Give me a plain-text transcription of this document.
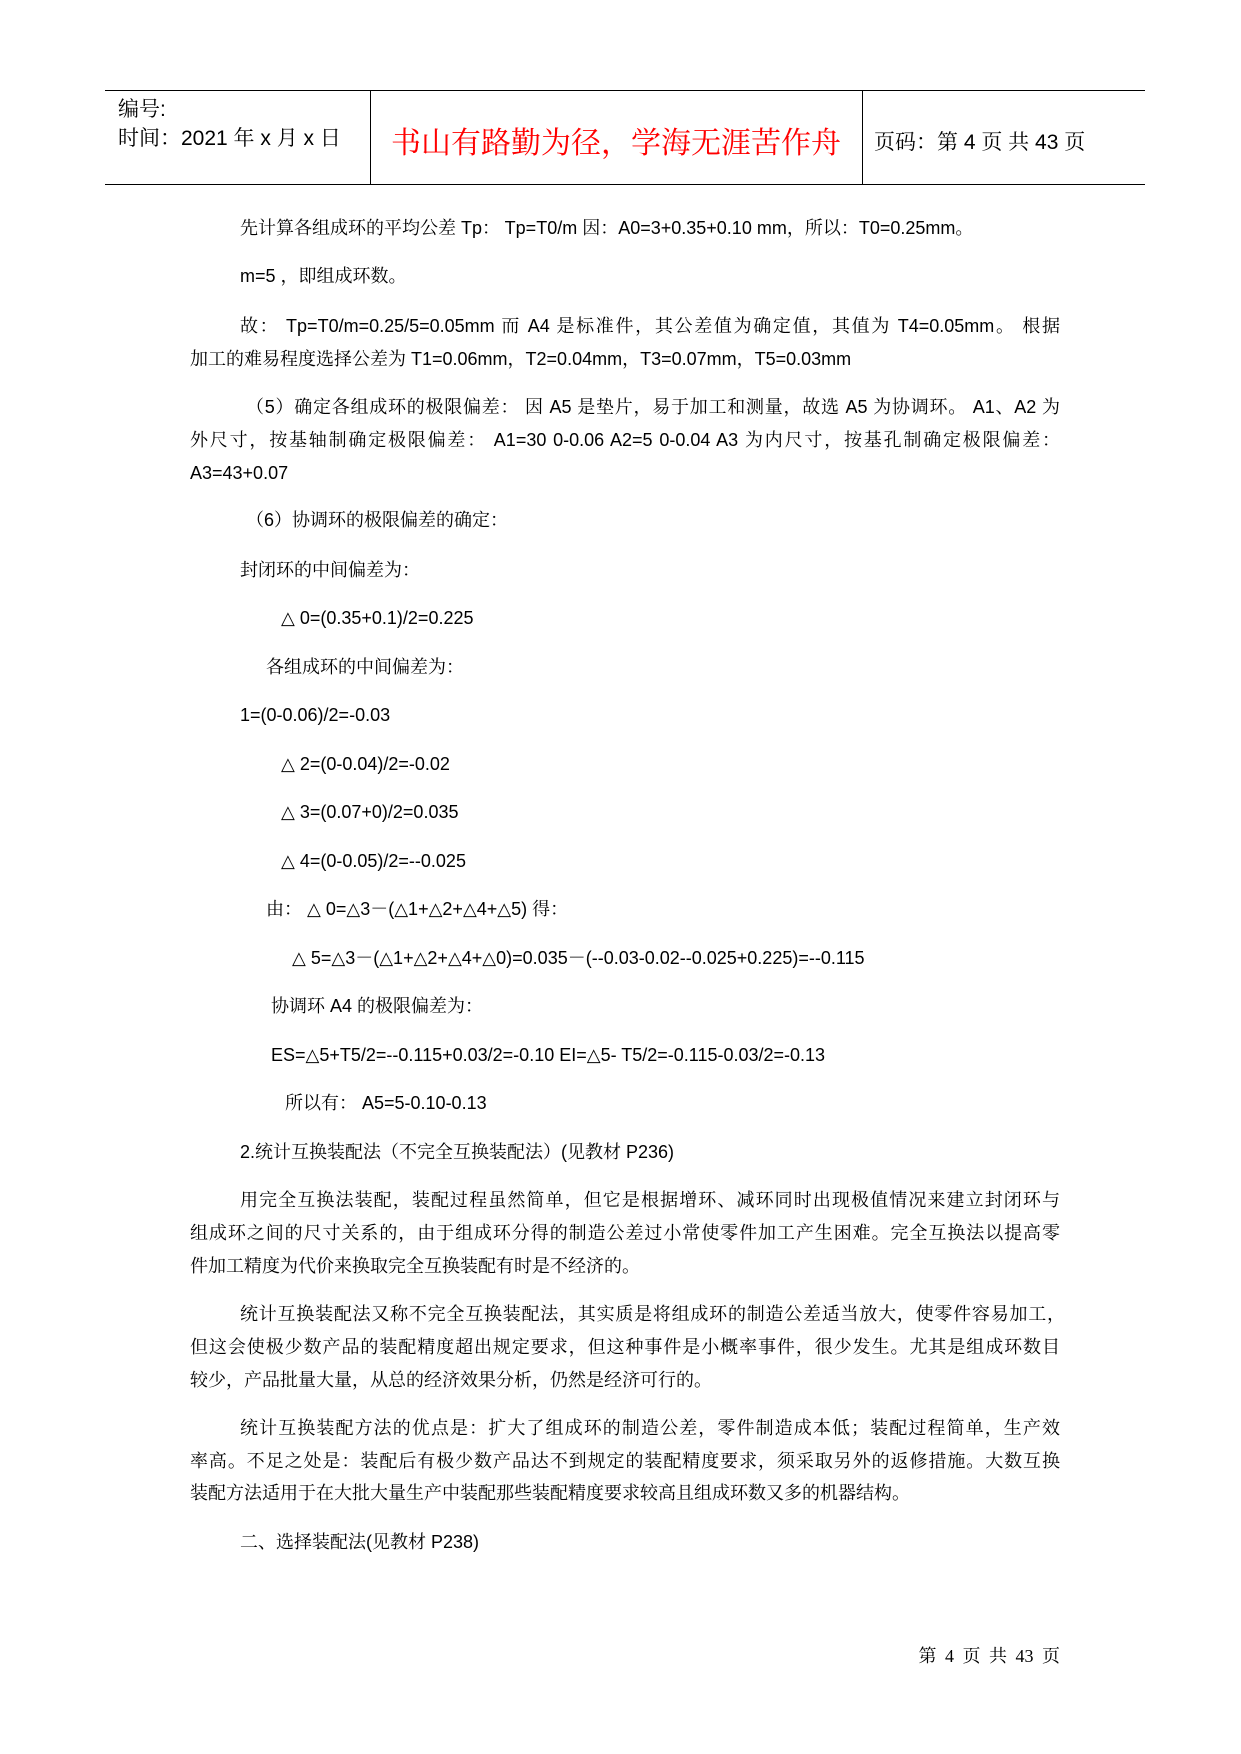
编号:
时间：2021 年 x 月 x 日	书山有路勤为径，学海无涯苦作舟	页码：第 4 页 共 43 页
先计算各组成环的平均公差 Tp： Tp=T0/m 因：A0=3+0.35+0.10 mm，所以：T0=0.25mm。
m=5 ，即组成环数。
故： Tp=T0/m=0.25/5=0.05mm 而 A4 是标准件，其公差值为确定值，其值为 T4=0.05mm。 根据
加工的难易程度选择公差为 T1=0.06mm，T2=0.04mm，T3=0.07mm，T5=0.03mm
（5）确定各组成环的极限偏差： 因 A5 是垫片，易于加工和测量，故选 A5 为协调环。 A1、A2 为
外尺寸，按基轴制确定极限偏差： A1=30 0-0.06 A2=5 0-0.04 A3 为内尺寸，按基孔制确定极限偏差：
A3=43+0.07
（6）协调环的极限偏差的确定：
封闭环的中间偏差为：
△ 0=(0.35+0.1)/2=0.225
各组成环的中间偏差为：
1=(0-0.06)/2=-0.03
△ 2=(0-0.04)/2=-0.02
△ 3=(0.07+0)/2=0.035
△ 4=(0-0.05)/2=--0.025
由： △ 0=△3－(△1+△2+△4+△5) 得：
△ 5=△3－(△1+△2+△4+△0)=0.035－(--0.03-0.02--0.025+0.225)=--0.115
协调环 A4 的极限偏差为：
ES=△5+T5/2=--0.115+0.03/2=-0.10 EI=△5- T5/2=-0.115-0.03/2=-0.13
所以有： A5=5-0.10-0.13
2.统计互换装配法（不完全互换装配法）(见教材 P236)
用完全互换法装配，装配过程虽然简单，但它是根据增环、减环同时出现极值情况来建立封闭环与
组成环之间的尺寸关系的，由于组成环分得的制造公差过小常使零件加工产生困难。完全互换法以提高零
件加工精度为代价来换取完全互换装配有时是不经济的。
统计互换装配法又称不完全互换装配法，其实质是将组成环的制造公差适当放大，使零件容易加工，
但这会使极少数产品的装配精度超出规定要求，但这种事件是小概率事件，很少发生。尤其是组成环数目
较少，产品批量大量，从总的经济效果分析，仍然是经济可行的。
统计互换装配方法的优点是：扩大了组成环的制造公差，零件制造成本低；装配过程简单，生产效
率高。不足之处是：装配后有极少数产品达不到规定的装配精度要求，须采取另外的返修措施。大数互换
装配方法适用于在大批大量生产中装配那些装配精度要求较高且组成环数又多的机器结构。
二、选择装配法(见教材 P238)
第 4 页 共 43 页
